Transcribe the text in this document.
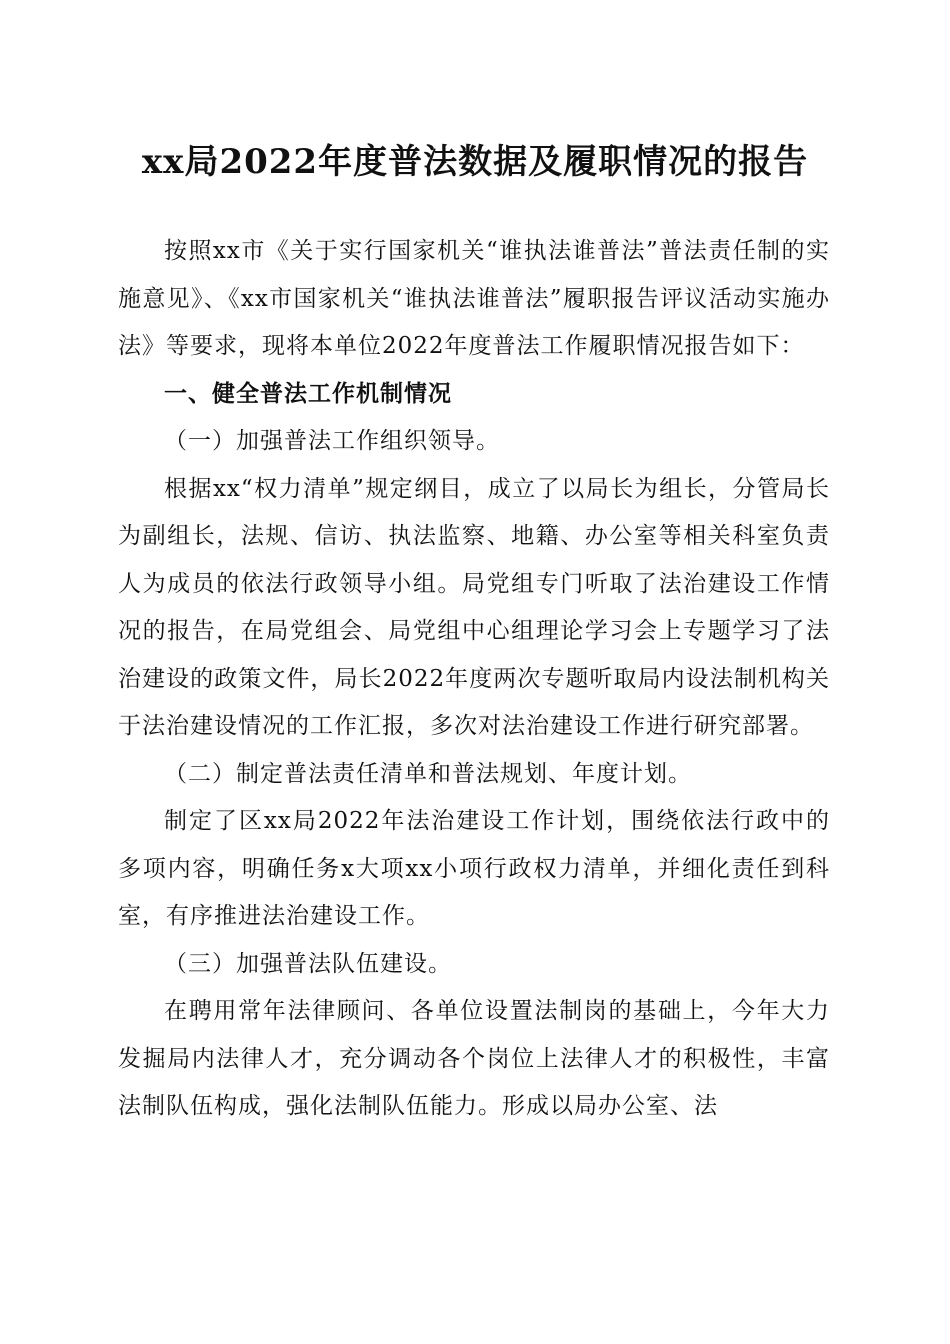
xx局2022年度普法数据及履职情况的报告

按照xx市《关于实行国家机关“谁执法谁普法”普法责任制的实施意见》、《xx市国家机关“谁执法谁普法”履职报告评议活动实施办法》等要求，现将本单位2022年度普法工作履职情况报告如下：

一、健全普法工作机制情况

（一）加强普法工作组织领导。

根据xx“权力清单”规定纲目，成立了以局长为组长，分管局长为副组长，法规、信访、执法监察、地籍、办公室等相关科室负责人为成员的依法行政领导小组。局党组专门听取了法治建设工作情况的报告，在局党组会、局党组中心组理论学习会上专题学习了法治建设的政策文件，局长2022年度两次专题听取局内设法制机构关于法治建设情况的工作汇报，多次对法治建设工作进行研究部署。

（二）制定普法责任清单和普法规划、年度计划。

制定了区xx局2022年法治建设工作计划，围绕依法行政中的多项内容，明确任务x大项xx小项行政权力清单，并细化责任到科室，有序推进法治建设工作。

（三）加强普法队伍建设。

在聘用常年法律顾问、各单位设置法制岗的基础上，今年大力发掘局内法律人才，充分调动各个岗位上法律人才的积极性，丰富法制队伍构成，强化法制队伍能力。形成以局办公室、法
